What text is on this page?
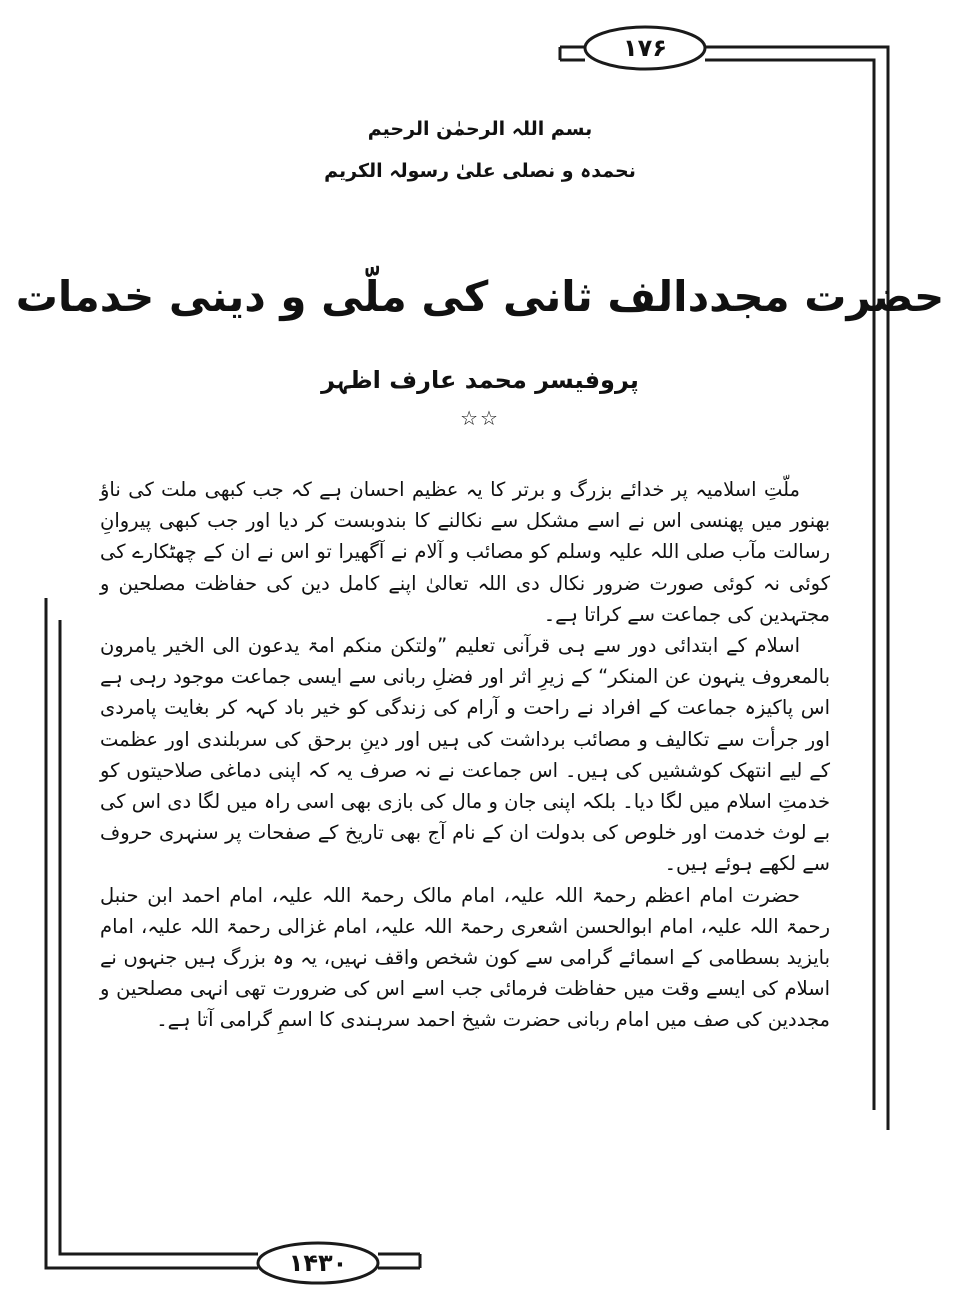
۱۷۶
۱۴۳۰
بسم اللہ الرحمٰن الرحیم
نحمدہ و نصلی علیٰ رسولہ الکریم
حضرت مجددالف ثانی کی ملّی و دینی خدمات
پروفیسر محمد عارف اظہر
☆☆

ملّتِ اسلامیہ پر خدائے بزرگ و برتر کا یہ عظیم احسان ہے کہ جب کبھی ملت کی ناؤ بھنور میں پھنسی اس نے اسے مشکل سے نکالنے کا بندوبست کر دیا اور جب کبھی پیروانِ رسالت مآب صلی اللہ علیہ وسلم کو مصائب و آلام نے آگھیرا تو اس نے ان کے چھٹکارے کی کوئی نہ کوئی صورت ضرور نکال دی اللہ تعالیٰ اپنے کامل دین کی حفاظت مصلحین و مجتہدین کی جماعت سے کراتا ہے۔

اسلام کے ابتدائی دور سے ہی قرآنی تعلیم ”ولتکن منکم امۃ یدعون الی الخیر یامرون بالمعروف ینہون عن المنکر“ کے زیرِ اثر اور فضلِ ربانی سے ایسی جماعت موجود رہی ہے اس پاکیزہ جماعت کے افراد نے راحت و آرام کی زندگی کو خیر باد کہہ کر بغایت پامردی اور جرأت سے تکالیف و مصائب برداشت کی ہیں اور دینِ برحق کی سربلندی اور عظمت کے لیے انتھک کوششیں کی ہیں۔ اس جماعت نے نہ صرف یہ کہ اپنی دماغی صلاحیتوں کو خدمتِ اسلام میں لگا دیا۔ بلکہ اپنی جان و مال کی بازی بھی اسی راہ میں لگا دی اس کی بے لوث خدمت اور خلوص کی بدولت ان کے نام آج بھی تاریخ کے صفحات پر سنہری حروف سے لکھے ہوئے ہیں۔

حضرت امام اعظم رحمۃ اللہ علیہ، امام مالک رحمۃ اللہ علیہ، امام احمد ابن حنبل رحمۃ اللہ علیہ، امام ابوالحسن اشعری رحمۃ اللہ علیہ، امام غزالی رحمۃ اللہ علیہ، امام بایزید بسطامی کے اسمائے گرامی سے کون شخص واقف نہیں، یہ وہ بزرگ ہیں جنہوں نے اسلام کی ایسے وقت میں حفاظت فرمائی جب اسے اس کی ضرورت تھی انہی مصلحین و مجددین کی صف میں امام ربانی حضرت شیخ احمد سرہندی کا اسمِ گرامی آتا ہے۔
